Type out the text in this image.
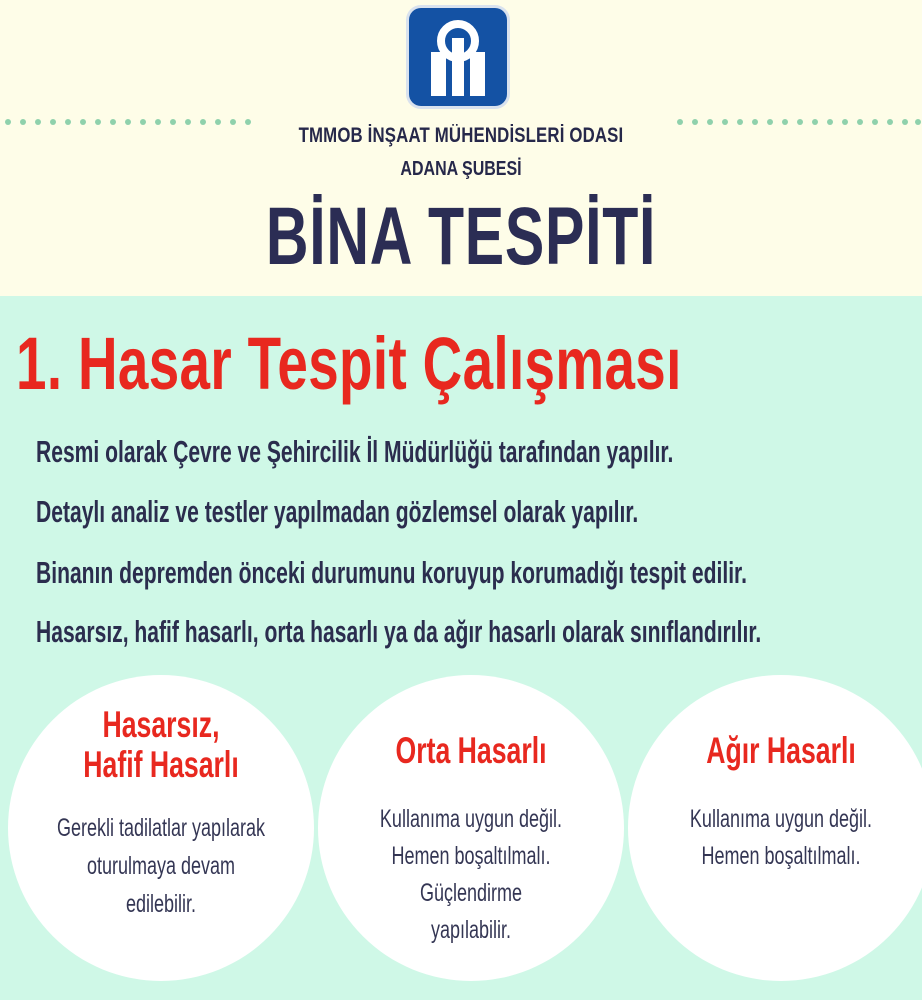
TMMOB İNŞAAT MÜHENDİSLERİ ODASI
ADANA ŞUBESİ
BİNA TESPİTİ
1. Hasar Tespit Çalışması
Resmi olarak Çevre ve Şehircilik İl Müdürlüğü tarafından yapılır.
Detaylı analiz ve testler yapılmadan gözlemsel olarak yapılır.
Binanın depremden önceki durumunu koruyup korumadığı tespit edilir.
Hasarsız, hafif hasarlı, orta hasarlı ya da ağır hasarlı olarak sınıflandırılır.
Hasarsız,
Hafif Hasarlı
Gerekli tadilatlar yapılarak
oturulmaya devam
edilebilir.
Orta Hasarlı
Kullanıma uygun değil.
Hemen boşaltılmalı.
Güçlendirme
yapılabilir.
Ağır Hasarlı
Kullanıma uygun değil.
Hemen boşaltılmalı.
